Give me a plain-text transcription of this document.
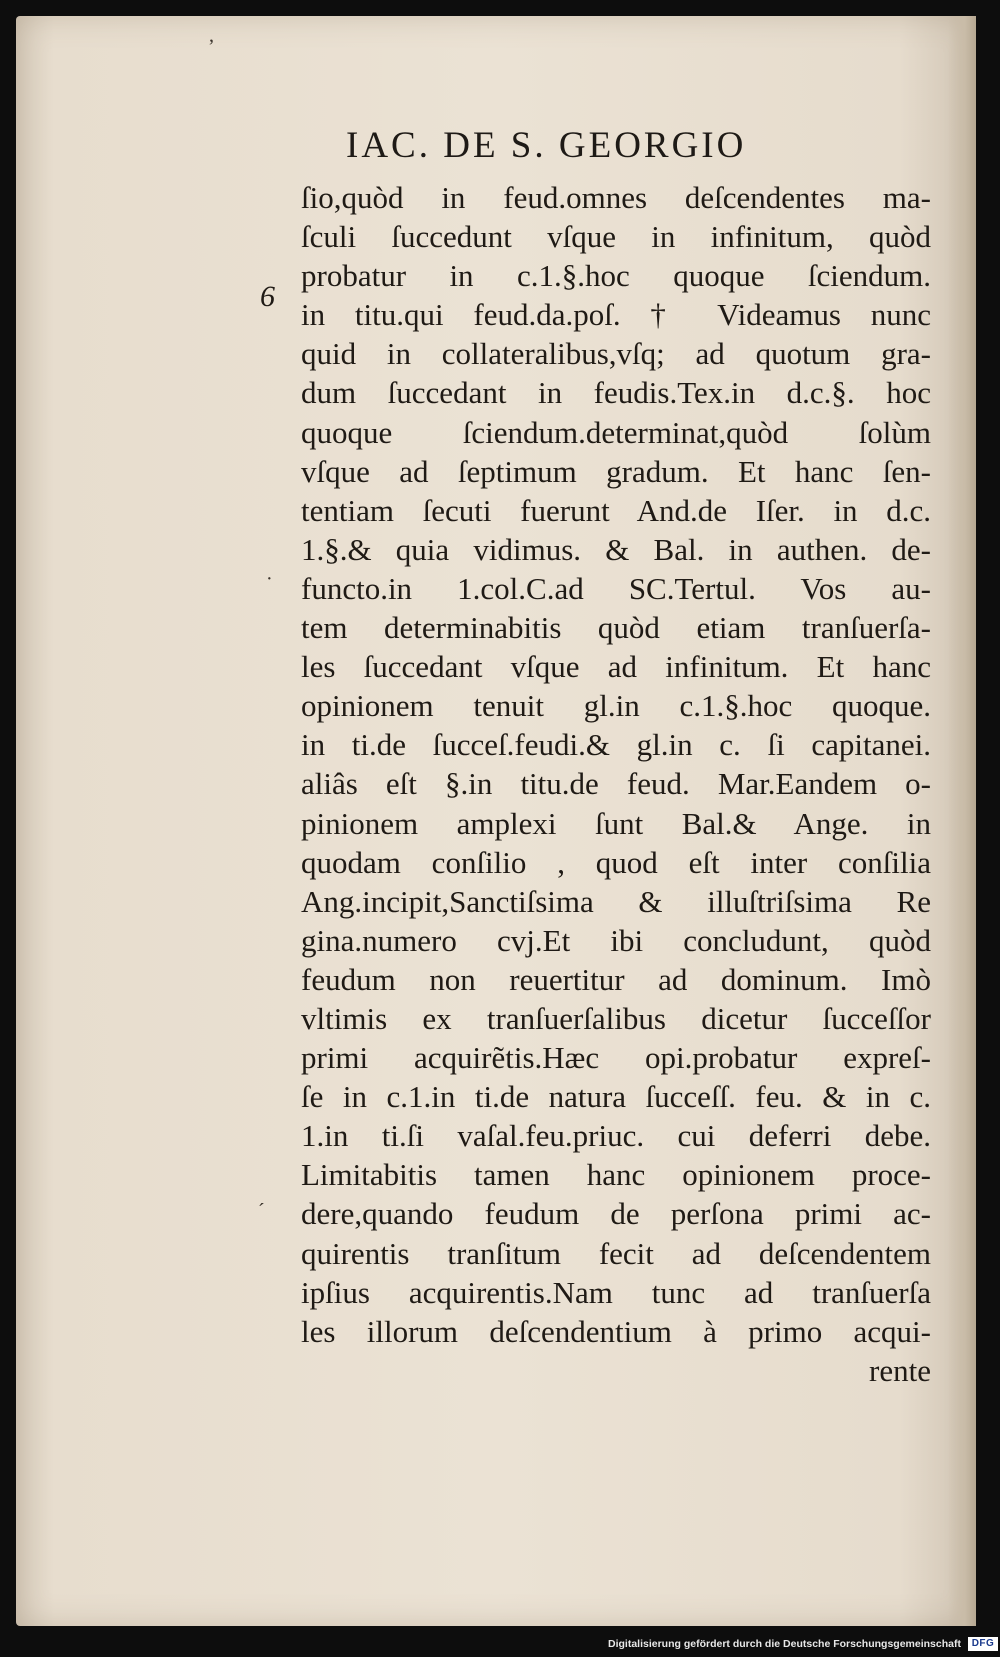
IAC. DE S. GEORGIO
6
ʼ
·
ˊ
ſio,quòd in feud.omnes deſcendentes ma-
ſculi ſuccedunt vſque in infinitum, quòd
probatur in c.1.§.hoc quoque ſciendum.
in titu.qui feud.da.poſ. † Videamus nunc
quid in collateralibus,vſq; ad quotum gra-
dum ſuccedant in feudis.Tex.in d.c.§. hoc
quoque ſciendum.determinat,quòd ſolùm
vſque ad ſeptimum gradum. Et hanc ſen-
tentiam ſecuti fuerunt And.de Iſer. in d.c.
1.§.& quia vidimus. & Bal. in authen. de-
functo.in 1.col.C.ad SC.Tertul. Vos au-
tem determinabitis quòd etiam tranſuerſa-
les ſuccedant vſque ad infinitum. Et hanc
opinionem tenuit gl.in c.1.§.hoc quoque.
in ti.de ſucceſ.feudi.& gl.in c. ſi capitanei.
aliâs eſt §.in titu.de feud. Mar.Eandem o-
pinionem amplexi ſunt Bal.& Ange. in
quodam conſilio , quod eſt inter conſilia
Ang.incipit,Sanctiſsima & illuſtriſsima Re
gina.numero cvj.Et ibi concludunt, quòd
feudum non reuertitur ad dominum. Imò
vltimis ex tranſuerſalibus dicetur ſucceſſor
primi acquirẽtis.Hæc opi.probatur expreſ-
ſe in c.1.in ti.de natura ſucceſſ. feu. & in c.
1.in ti.ſi vaſal.feu.priuc. cui deferri debe.
Limitabitis tamen hanc opinionem proce-
dere,quando feudum de perſona primi ac-
quirentis tranſitum fecit ad deſcendentem
ipſius acquirentis.Nam tunc ad tranſuerſa
les illorum deſcendentium à primo acqui-
rente
Digitalisierung gefördert durch die Deutsche Forschungsgemeinschaft	DFG
